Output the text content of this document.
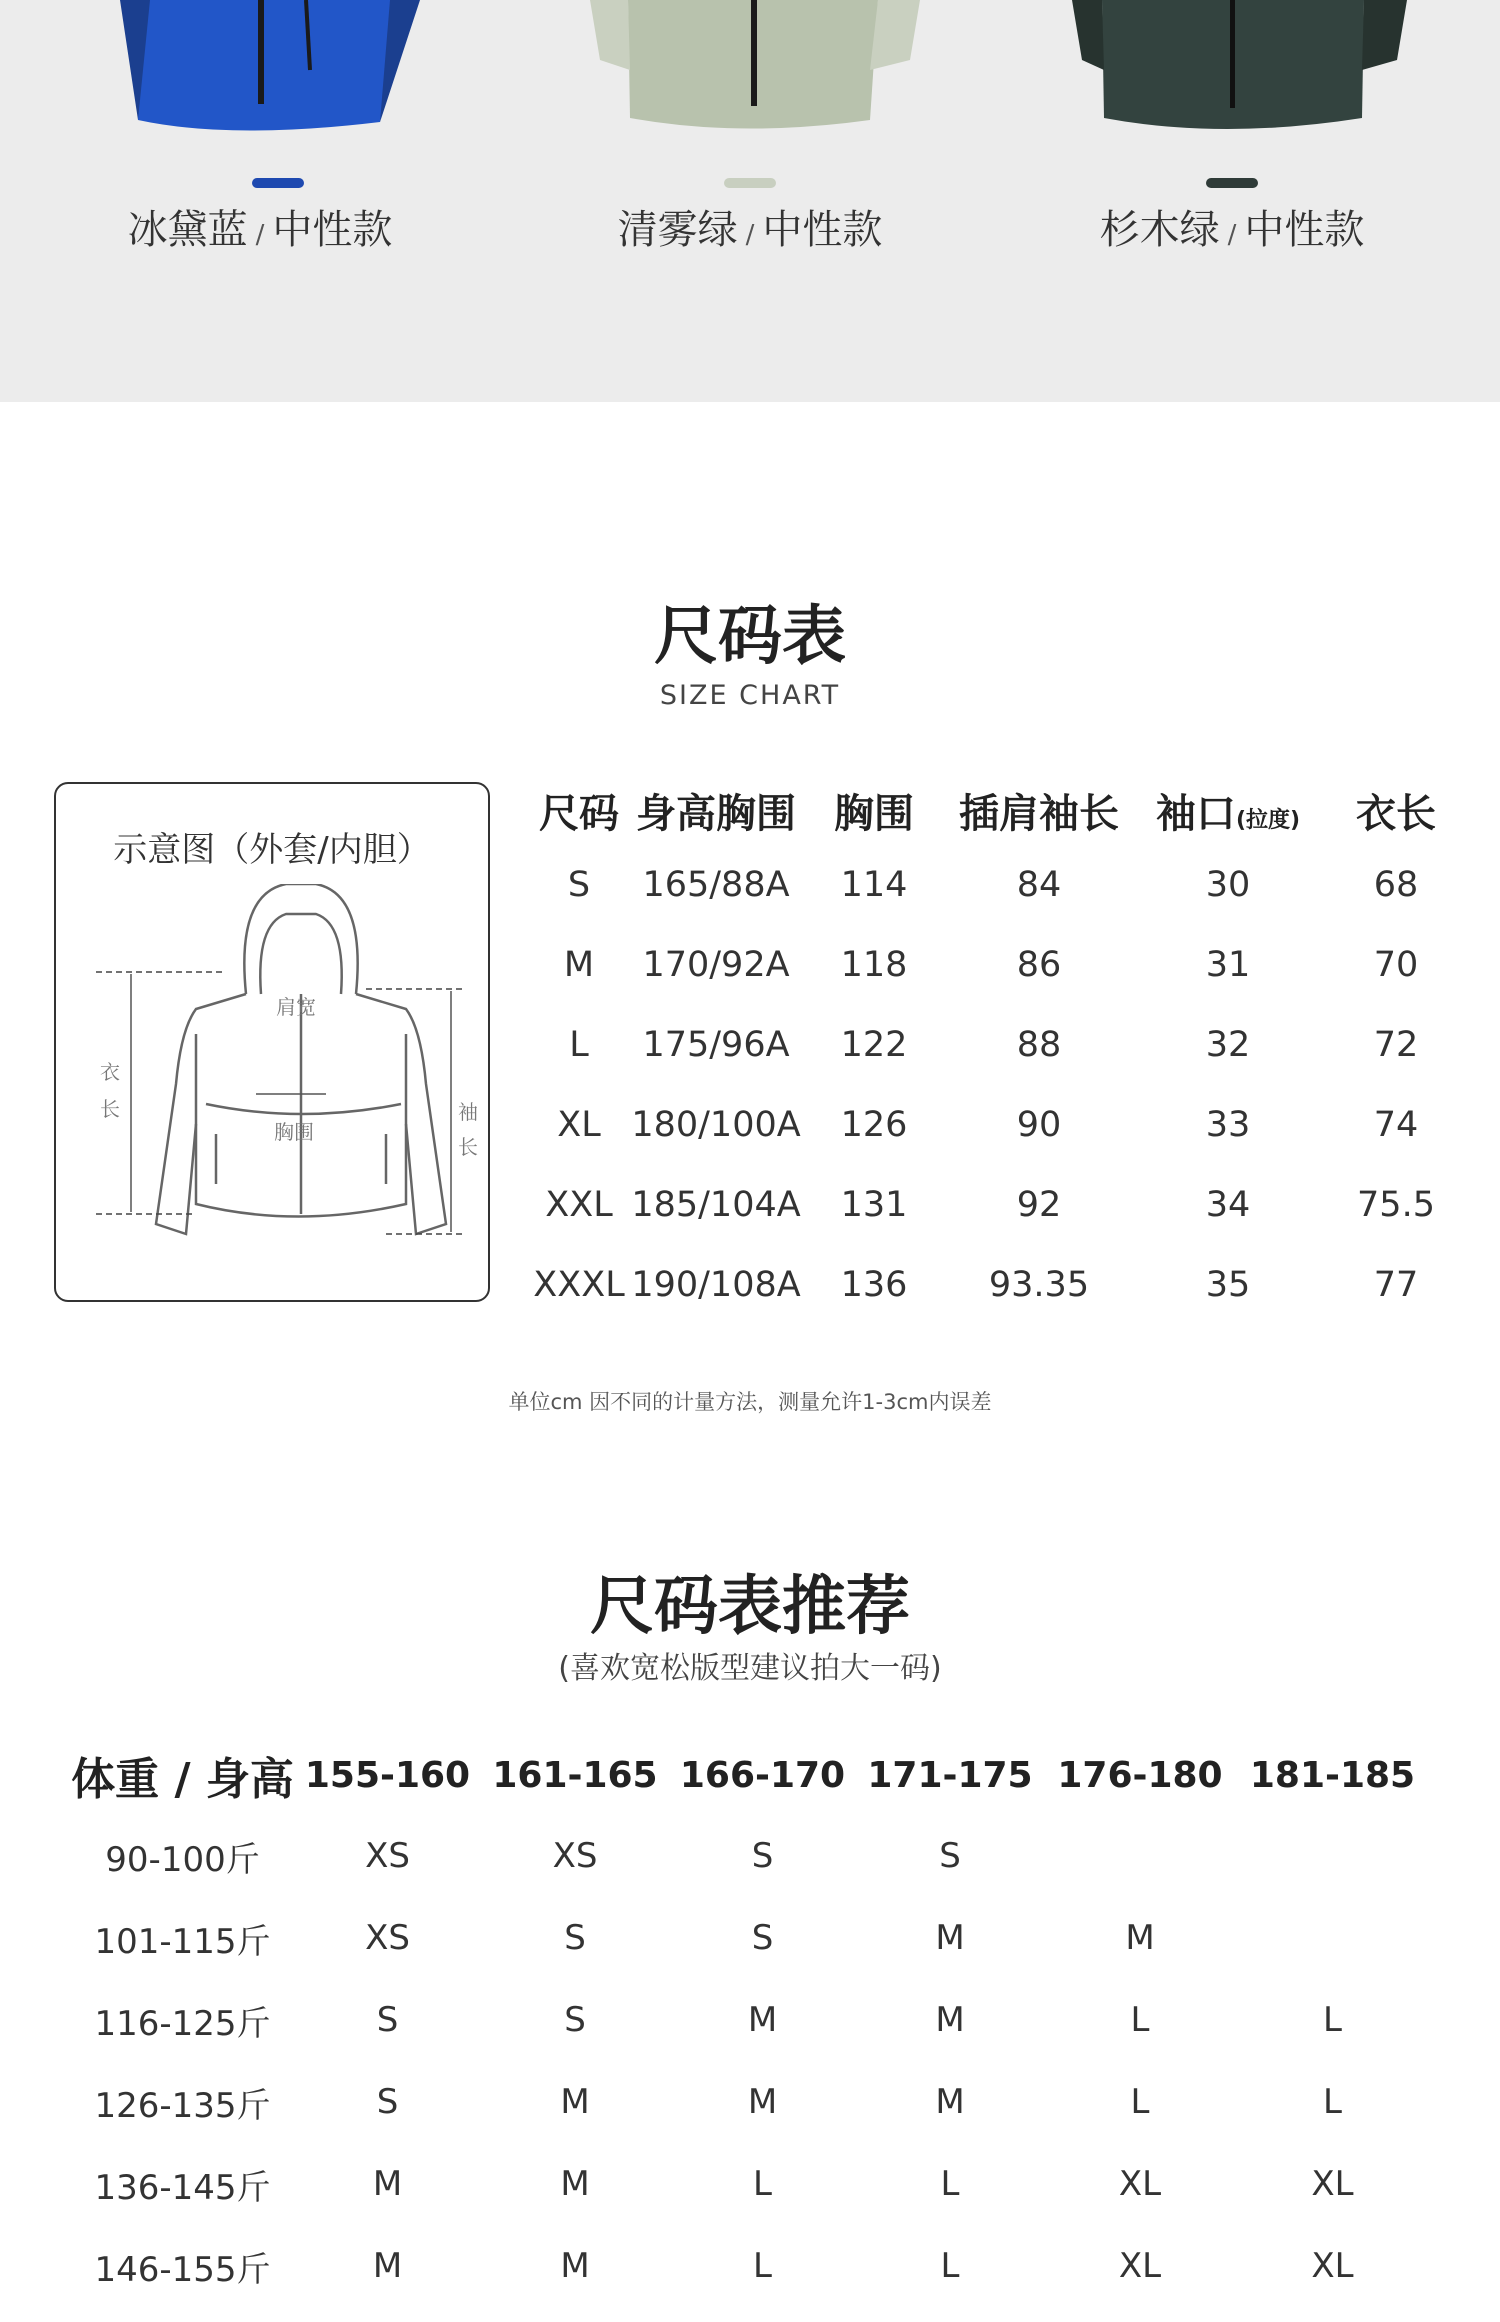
冰黛蓝 / 中性款	清雾绿 / 中性款	杉木绿 / 中性款
尺码表
SIZE CHART
示意图（外套/内胆）
肩宽
胸围
衣
长	袖
长
尺码	身高胸围	胸围	插肩袖长	袖口(拉度)	衣长
S	165/88A	114	84	30	68
M	170/92A	118	86	31	70
L	175/96A	122	88	32	72
XL	180/100A	126	90	33	74
XXL	185/104A	131	92	34	75.5
XXXL	190/108A	136	93.35	35	77
单位cm 因不同的计量方法，测量允许1-3cm内误差
尺码表推荐
(喜欢宽松版型建议拍大一码)
体重 / 身高	155-160	161-165	166-170	171-175	176-180	181-185
90-100斤	XS	XS	S	S		
101-115斤	XS	S	S	M	M	
116-125斤	S	S	M	M	L	L
126-135斤	S	M	M	M	L	L
136-145斤	M	M	L	L	XL	XL
146-155斤	M	M	L	L	XL	XL
